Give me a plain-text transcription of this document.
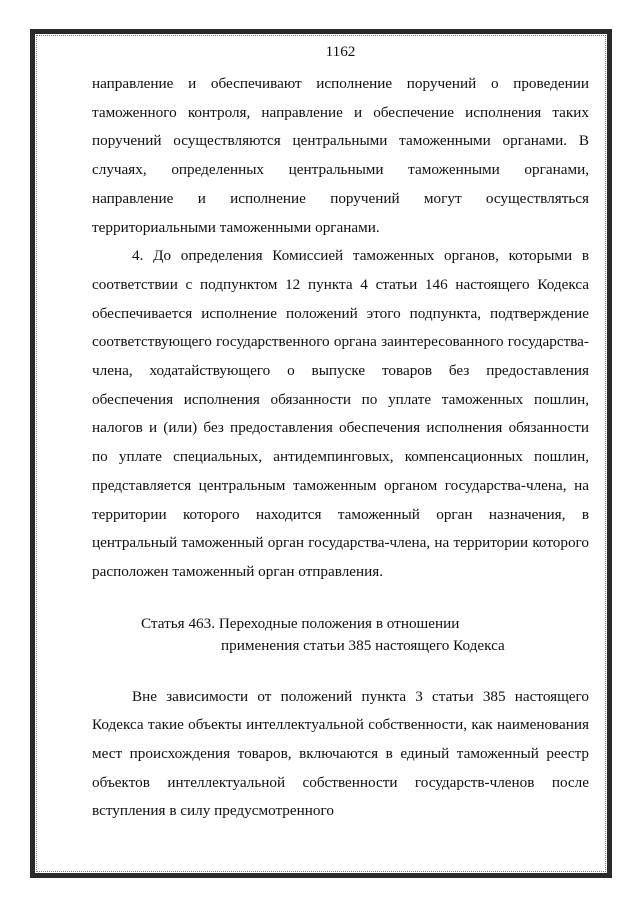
1162

направление и обеспечивают исполнение поручений о проведении таможенного контроля, направление и обеспечение исполнения таких поручений осуществляются центральными таможенными органами. В случаях, определенных центральными таможенными органами, направление и исполнение поручений могут осуществляться территориальными таможенными органами.

4. До определения Комиссией таможенных органов, которыми в соответствии с подпунктом 12 пункта 4 статьи 146 настоящего Кодекса обеспечивается исполнение положений этого подпункта, подтверждение соответствующего государственного органа заинтересованного государства-члена, ходатайствующего о выпуске товаров без предоставления обеспечения исполнения обязанности по уплате таможенных пошлин, налогов и (или) без предоставления обеспечения исполнения обязанности по уплате специальных, антидемпинговых, компенсационных пошлин, представляется центральным таможенным органом государства-члена, на территории которого находится таможенный орган назначения, в центральный таможенный орган государства-члена, на территории которого расположен таможенный орган отправления.

Статья 463. Переходные положения в отношении
применения статьи 385 настоящего Кодекса

Вне зависимости от положений пункта 3 статьи 385 настоящего Кодекса такие объекты интеллектуальной собственности, как наименования мест происхождения товаров, включаются в единый таможенный реестр объектов интеллектуальной собственности государств-членов после вступления в силу предусмотренного
